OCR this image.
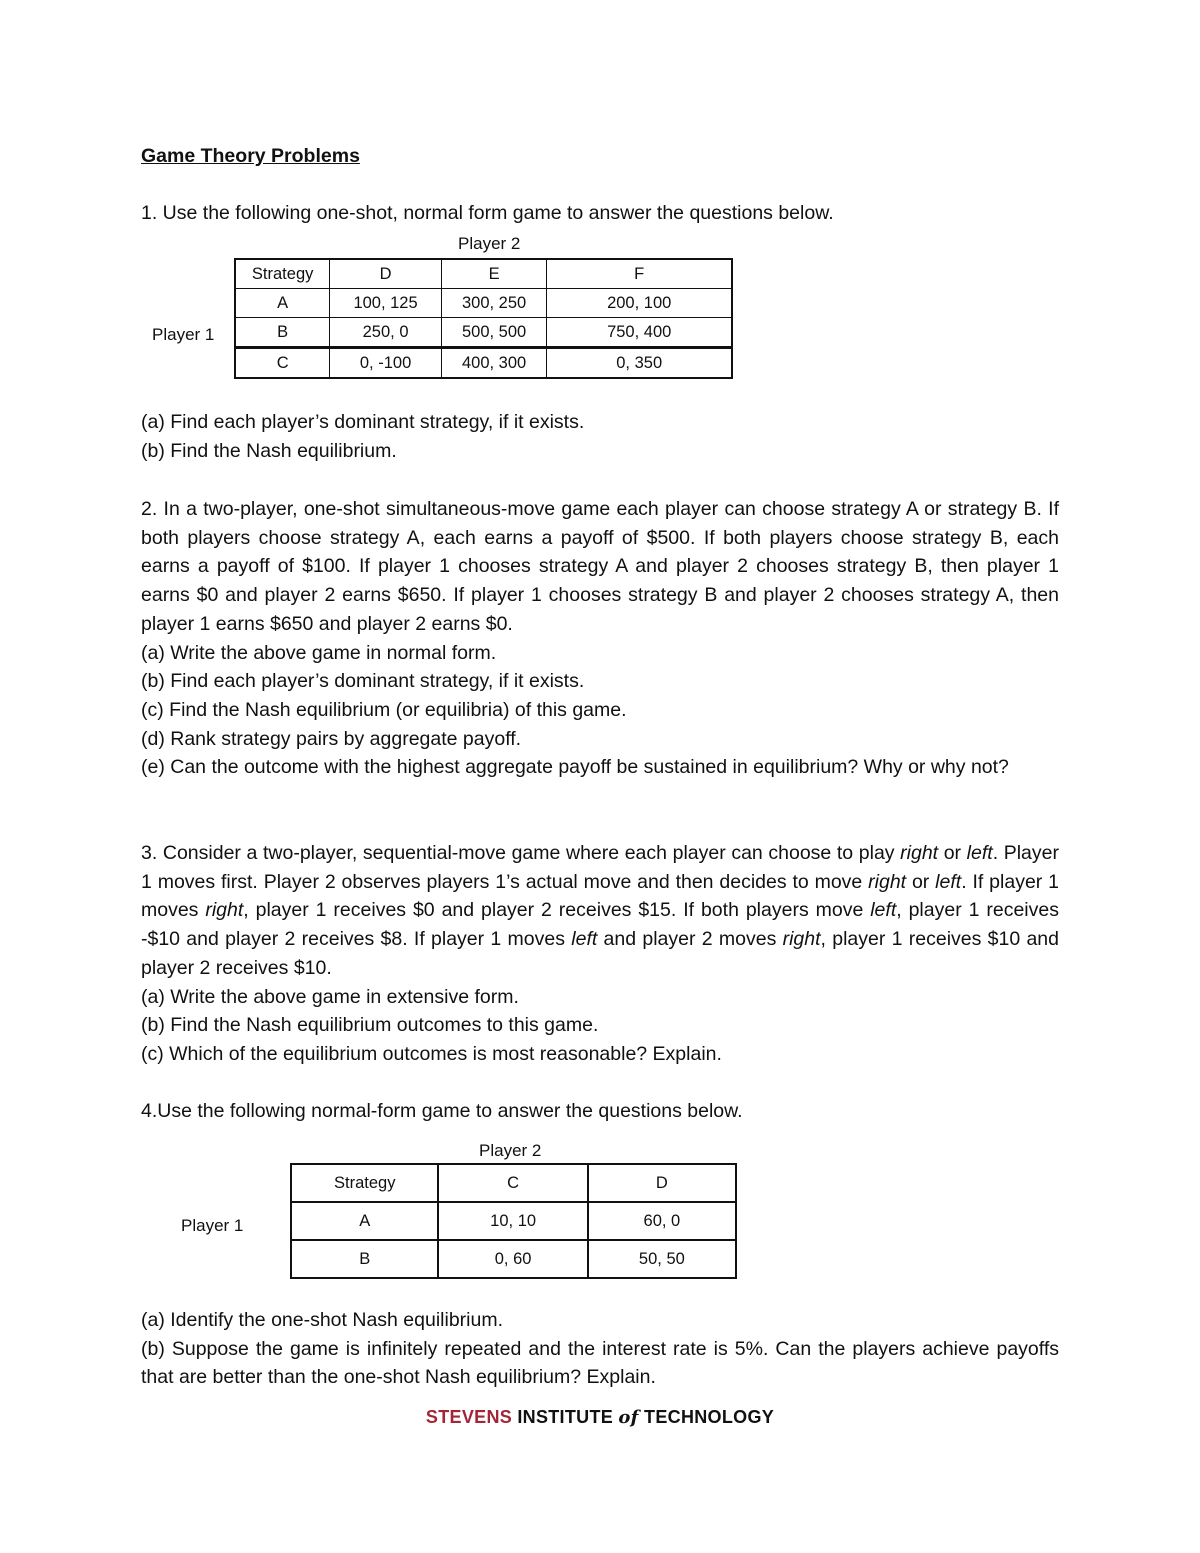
Game Theory Problems
1. Use the following one-shot, normal form game to answer the questions below.
Player 2
Player 1
Strategy	D	E	F
A	100, 125	300, 250	200, 100
B	250, 0	500, 500	750, 400
C	0, -100	400, 300	0, 350

(a) Find each player’s dominant strategy, if it exists.

(b) Find the Nash equilibrium.

2. In a two-player, one-shot simultaneous-move game each player can choose strategy A or strategy B. If both players choose strategy A, each earns a payoff of $500. If both players choose strategy B, each earns a payoff of $100. If player 1 chooses strategy A and player 2 chooses strategy B, then player 1 earns $0 and player 2 earns $650. If player 1 chooses strategy B and player 2 chooses strategy A, then player 1 earns $650 and player 2 earns $0.

(a) Write the above game in normal form.

(b) Find each player’s dominant strategy, if it exists.

(c) Find the Nash equilibrium (or equilibria) of this game.

(d) Rank strategy pairs by aggregate payoff.

(e) Can the outcome with the highest aggregate payoff be sustained in equilibrium? Why or why not?

3. Consider a two-player, sequential-move game where each player can choose to play right or left. Player 1 moves first. Player 2 observes players 1’s actual move and then decides to move right or left. If player 1 moves right, player 1 receives $0 and player 2 receives $15. If both players move left, player 1 receives -$10 and player 2 receives $8. If player 1 moves left and player 2 moves right, player 1 receives $10 and player 2 receives $10.

(a) Write the above game in extensive form.

(b) Find the Nash equilibrium outcomes to this game.

(c) Which of the equilibrium outcomes is most reasonable? Explain.

4.Use the following normal-form game to answer the questions below.
Player 2
Player 1
Strategy	C	D
A	10, 10	60, 0
B	0, 60	50, 50

(a) Identify the one-shot Nash equilibrium.

(b) Suppose the game is infinitely repeated and the interest rate is 5%. Can the players achieve payoffs that are better than the one-shot Nash equilibrium? Explain.

STEVENS INSTITUTE of TECHNOLOGY
